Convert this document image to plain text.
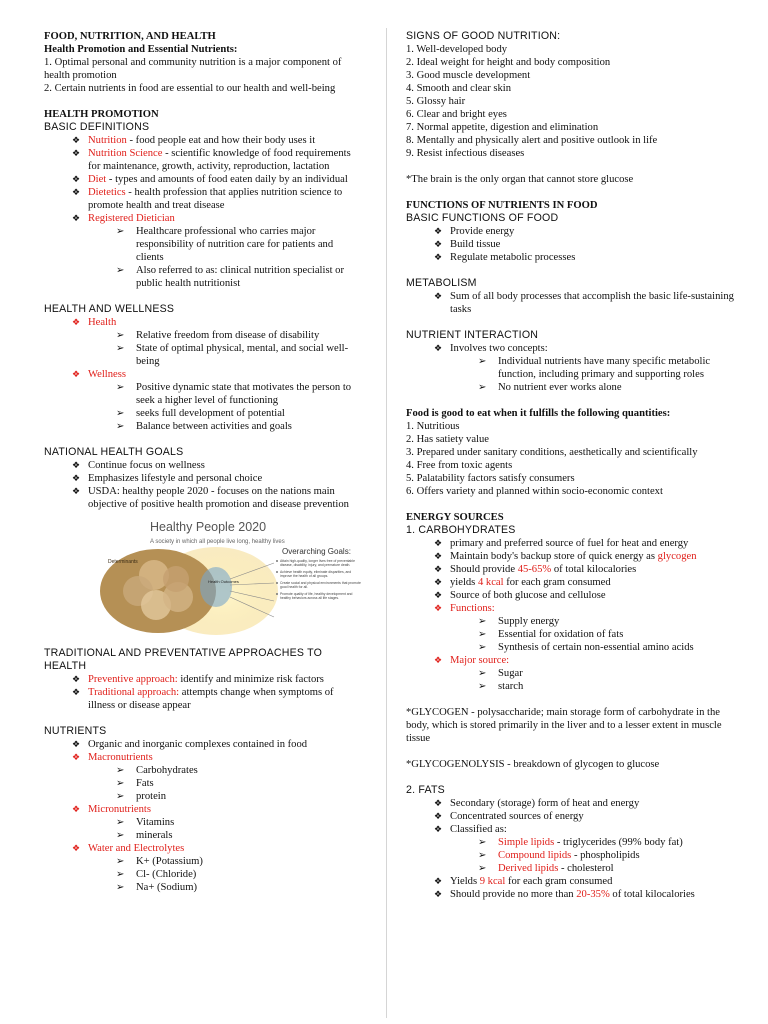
FOOD, NUTRITION, AND HEALTH

Health Promotion and Essential Nutrients:

1. Optimal personal and community nutrition is a major component of health promotion

2. Certain nutrients in food are essential to our health and well-being

HEALTH PROMOTION

BASIC DEFINITIONS

❖ Nutrition - food people eat and how their body uses it
❖ Nutrition Science - scientific knowledge of food requirements for maintenance, growth, activity, reproduction, lactation
❖ Diet - types and amounts of food eaten daily by an individual
❖ Dietetics - health profession that applies nutrition science to promote health and treat disease
❖ Registered Dietician
➢ Healthcare professional who carries major responsibility of nutrition care for patients and clients
➢ Also referred to as: clinical nutrition specialist or public health nutritionist

HEALTH AND WELLNESS

❖ Health
➢ Relative freedom from disease of disability
➢ State of optimal physical, mental, and social well-being
❖ Wellness
➢ Positive dynamic state that motivates the person to seek a higher level of functioning
➢ seeks full development of potential
➢ Balance between activities and goals

NATIONAL HEALTH GOALS

❖ Continue focus on wellness
❖ Emphasizes lifestyle and personal choice
❖ USDA: healthy people 2020 - focuses on the nations main objective of positive health promotion and disease prevention
Determinants
Health Outcomes
Healthy People 2020
A society in which all people live long, healthy lives
Overarching Goals:
Attain high-quality, longer lives free of preventable disease, disability, injury, and premature death.
Achieve health equity, eliminate disparities, and improve the health of all groups.
Create social and physical environments that promote good health for all.
Promote quality of life, healthy development and healthy behaviors across all life stages.

TRADITIONAL AND PREVENTATIVE APPROACHES TO HEALTH

❖ Preventive approach: identify and minimize risk factors
❖ Traditional approach: attempts change when symptoms of illness or disease appear

NUTRIENTS

❖ Organic and inorganic complexes contained in food
❖ Macronutrients
➢ Carbohydrates
➢ Fats
➢ protein
❖ Micronutrients
➢ Vitamins
➢ minerals
❖ Water and Electrolytes
➢ K+ (Potassium)
➢ Cl- (Chloride)
➢ Na+ (Sodium)

SIGNS OF GOOD NUTRITION:

1. Well-developed body

2. Ideal weight for height and body composition

3. Good muscle development

4. Smooth and clear skin

5. Glossy hair

6. Clear and bright eyes

7. Normal appetite, digestion and elimination

8. Mentally and physically alert and positive outlook in life

9. Resist infectious diseases

*The brain is the only organ that cannot store glucose

FUNCTIONS OF NUTRIENTS IN FOOD

BASIC FUNCTIONS OF FOOD

❖ Provide energy
❖ Build tissue
❖ Regulate metabolic processes

METABOLISM

❖ Sum of all body processes that accomplish the basic life-sustaining tasks

NUTRIENT INTERACTION

❖ Involves two concepts:
➢ Individual nutrients have many specific metabolic function, including primary and supporting roles
➢ No nutrient ever works alone

Food is good to eat when it fulfills the following quantities:

1. Nutritious

2. Has satiety value

3. Prepared under sanitary conditions, aesthetically and scientifically

4. Free from toxic agents

5. Palatability factors satisfy consumers

6. Offers variety and planned within socio-economic context

ENERGY SOURCES

1. CARBOHYDRATES

❖ primary and preferred source of fuel for heat and energy
❖ Maintain body's backup store of quick energy as glycogen
❖ Should provide 45-65% of total kilocalories
❖ yields 4 kcal for each gram consumed
❖ Source of both glucose and cellulose
❖ Functions:
➢ Supply energy
➢ Essential for oxidation of fats
➢ Synthesis of certain non-essential amino acids
❖ Major source:
➢ Sugar
➢ starch

*GLYCOGEN - polysaccharide; main storage form of carbohydrate in the body, which is stored primarily in the liver and to a lesser extent in muscle tissue

*GLYCOGENOLYSIS - breakdown of glycogen to glucose

2. FATS

❖ Secondary (storage) form of heat and energy
❖ Concentrated sources of energy
❖ Classified as:
➢ Simple lipids - triglycerides (99% body fat)
➢ Compound lipids - phospholipids
➢ Derived lipids - cholesterol
❖ Yields 9 kcal for each gram consumed
❖ Should provide no more than 20-35% of total kilocalories
